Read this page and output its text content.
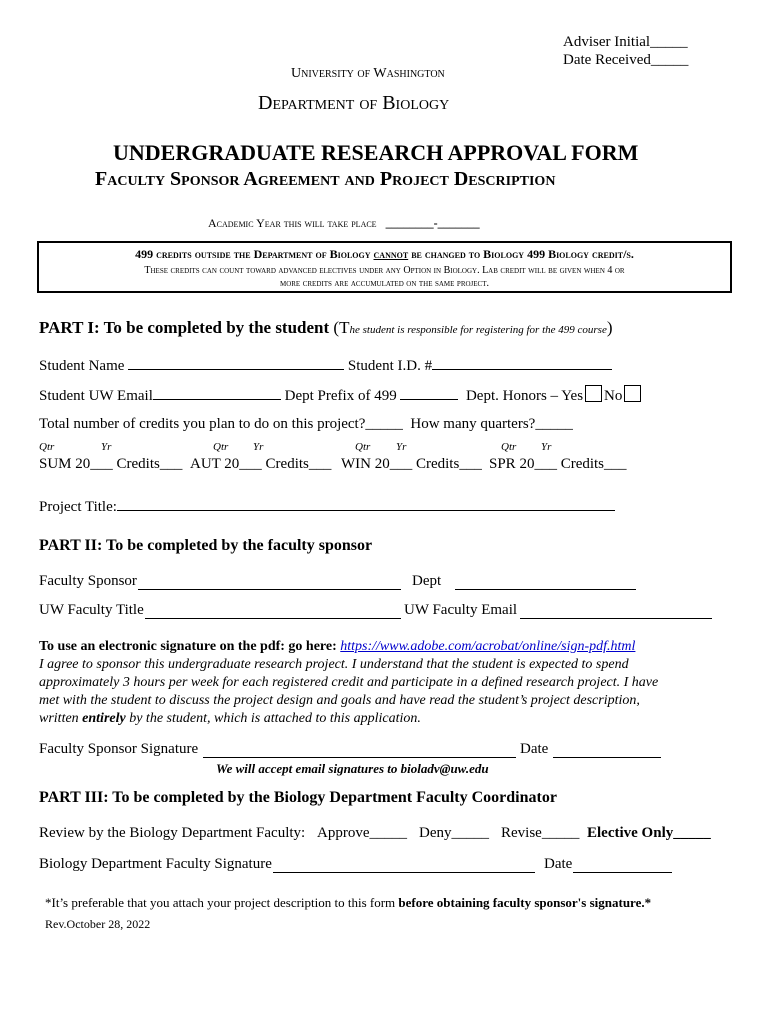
Adviser Initial_____
Date Received_____
University of Washington
Department of Biology
UNDERGRADUATE RESEARCH APPROVAL FORM
Faculty Sponsor Agreement and Project Description
Academic Year this will take place ________-_______
499 credits outside the Department of Biology cannot be changed to Biology 499 Biology credit/s.
These credits can count toward advanced electives under any Option in Biology. Lab credit will be given when 4 or
more credits are accumulated on the same project.
PART I: To be completed by the student (The student is responsible for registering for the 499 course)
Student Name	Student I.D. #
Student UW Email	Dept Prefix of 499	Dept. Honors – Yes No
Total number of credits you plan to do on this project?_____ How many quarters?_____
Qtr	Yr	Qtr Yr	Qtr Yr	Qtr Yr
SUM 20___ Credits___ AUT 20___ Credits___ WIN 20___ Credits___ SPR 20___ Credits___
Project Title:
PART II: To be completed by the faculty sponsor
Faculty Sponsor	Dept
UW Faculty Title	UW Faculty Email
To use an electronic signature on the pdf: go here: https://www.adobe.com/acrobat/online/sign-pdf.html
I agree to sponsor this undergraduate research project. I understand that the student is expected to spend
approximately 3 hours per week for each registered credit and participate in a defined research project. I have
met with the student to discuss the project design and goals and have read the student’s project description,
written entirely by the student, which is attached to this application.
Faculty Sponsor Signature	Date
We will accept email signatures to bioladv@uw.edu
PART III: To be completed by the Biology Department Faculty Coordinator
Review by the Biology Department Faculty: Approve_____ Deny_____ Revise_____ Elective Only_____
Biology Department Faculty Signature	Date
*It’s preferable that you attach your project description to this form before obtaining faculty sponsor's signature.*
Rev.October 28, 2022
